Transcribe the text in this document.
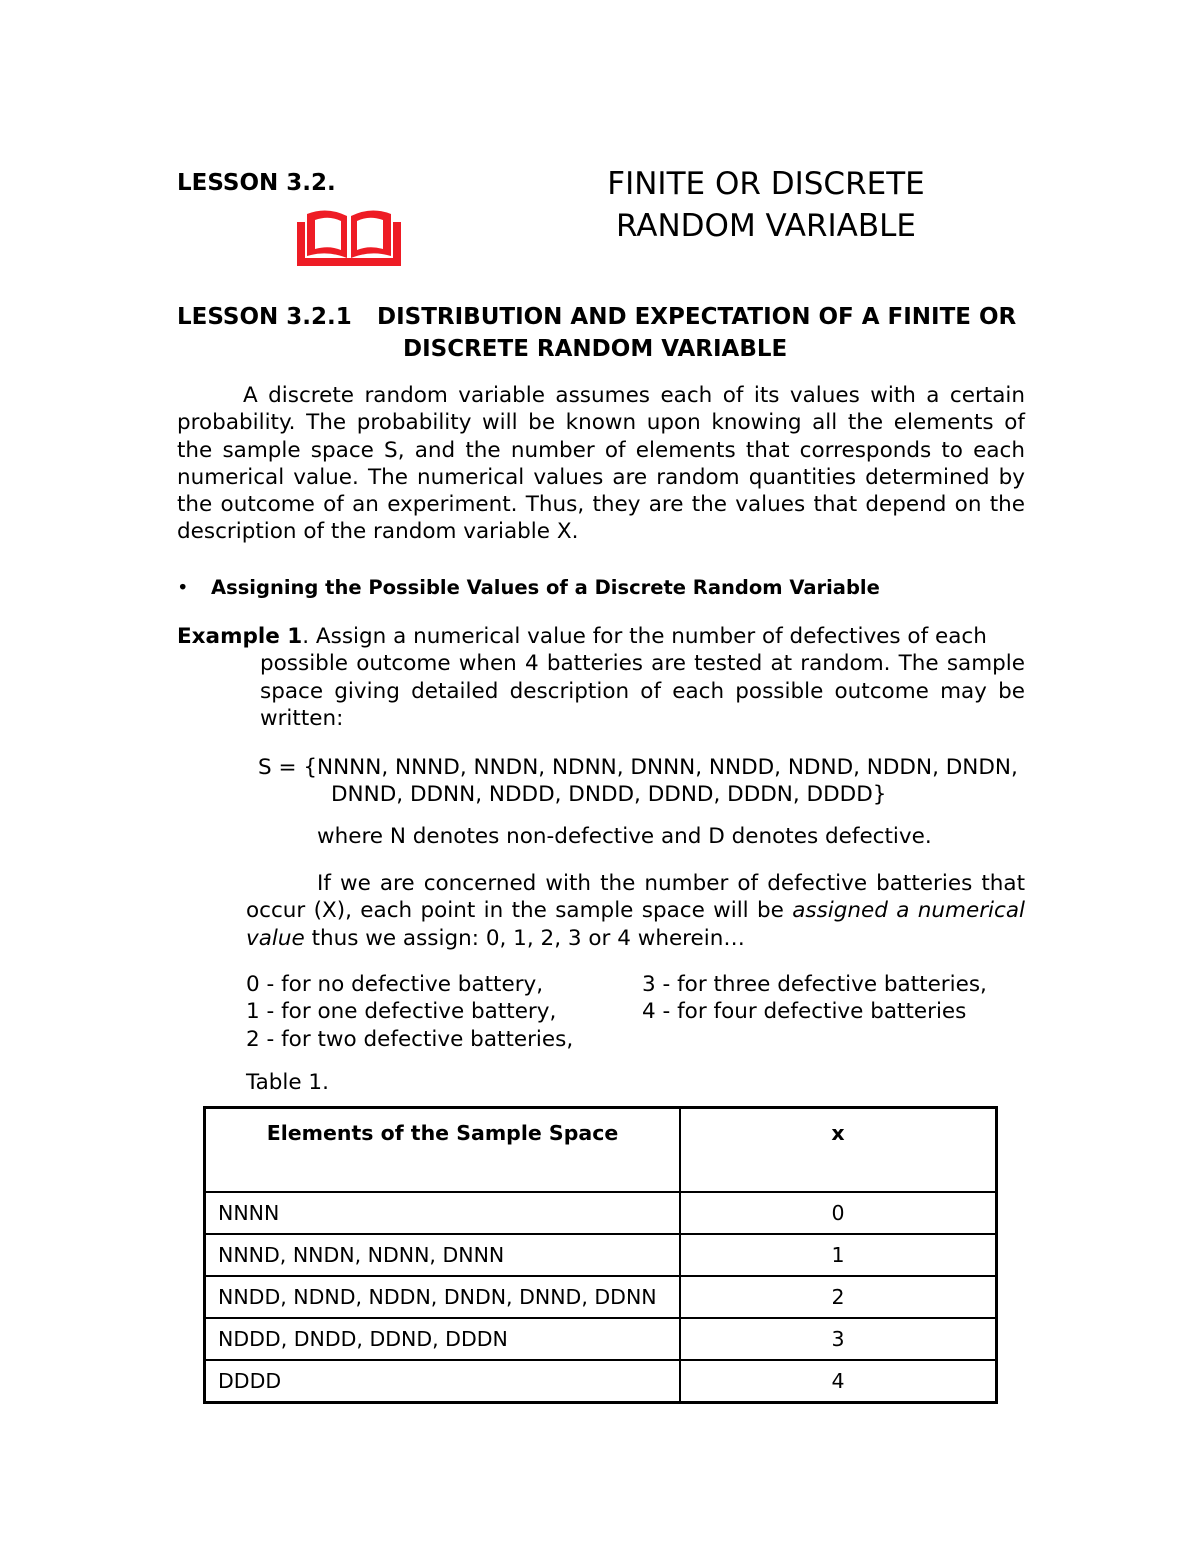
LESSON 3.2.	FINITE OR DISCRETE
RANDOM VARIABLE
LESSON 3.2.1 DISTRIBUTION AND EXPECTATION OF A FINITE OR
DISCRETE RANDOM VARIABLE
A discrete random variable assumes each of its values with a certain probability. The probability will be known upon knowing all the elements of the sample space S, and the number of elements that corresponds to each numerical value. The numerical values are random quantities determined by the outcome of an experiment. Thus, they are the values that depend on the description of the random variable X.
• Assigning the Possible Values of a Discrete Random Variable
Example 1. Assign a numerical value for the number of defectives of each
possible outcome when 4 batteries are tested at random. The sample space giving detailed description of each possible outcome may be written:
S = {NNNN, NNND, NNDN, NDNN, DNNN, NNDD, NDND, NDDN, DNDN,
DNND, DDNN, NDDD, DNDD, DDND, DDDN, DDDD}
where N denotes non-defective and D denotes defective.
If we are concerned with the number of defective batteries that occur (X), each point in the sample space will be assigned a numerical value thus we assign: 0, 1, 2, 3 or 4 wherein…
0 - for no defective battery,
1 - for one defective battery,
2 - for two defective batteries,
3 - for three defective batteries,
4 - for four defective batteries
Table 1.
Elements of the Sample Space	x
NNNN	0
NNND, NNDN, NDNN, DNNN	1
NNDD, NDND, NDDN, DNDN, DNND, DDNN	2
NDDD, DNDD, DDND, DDDN	3
DDDD	4
